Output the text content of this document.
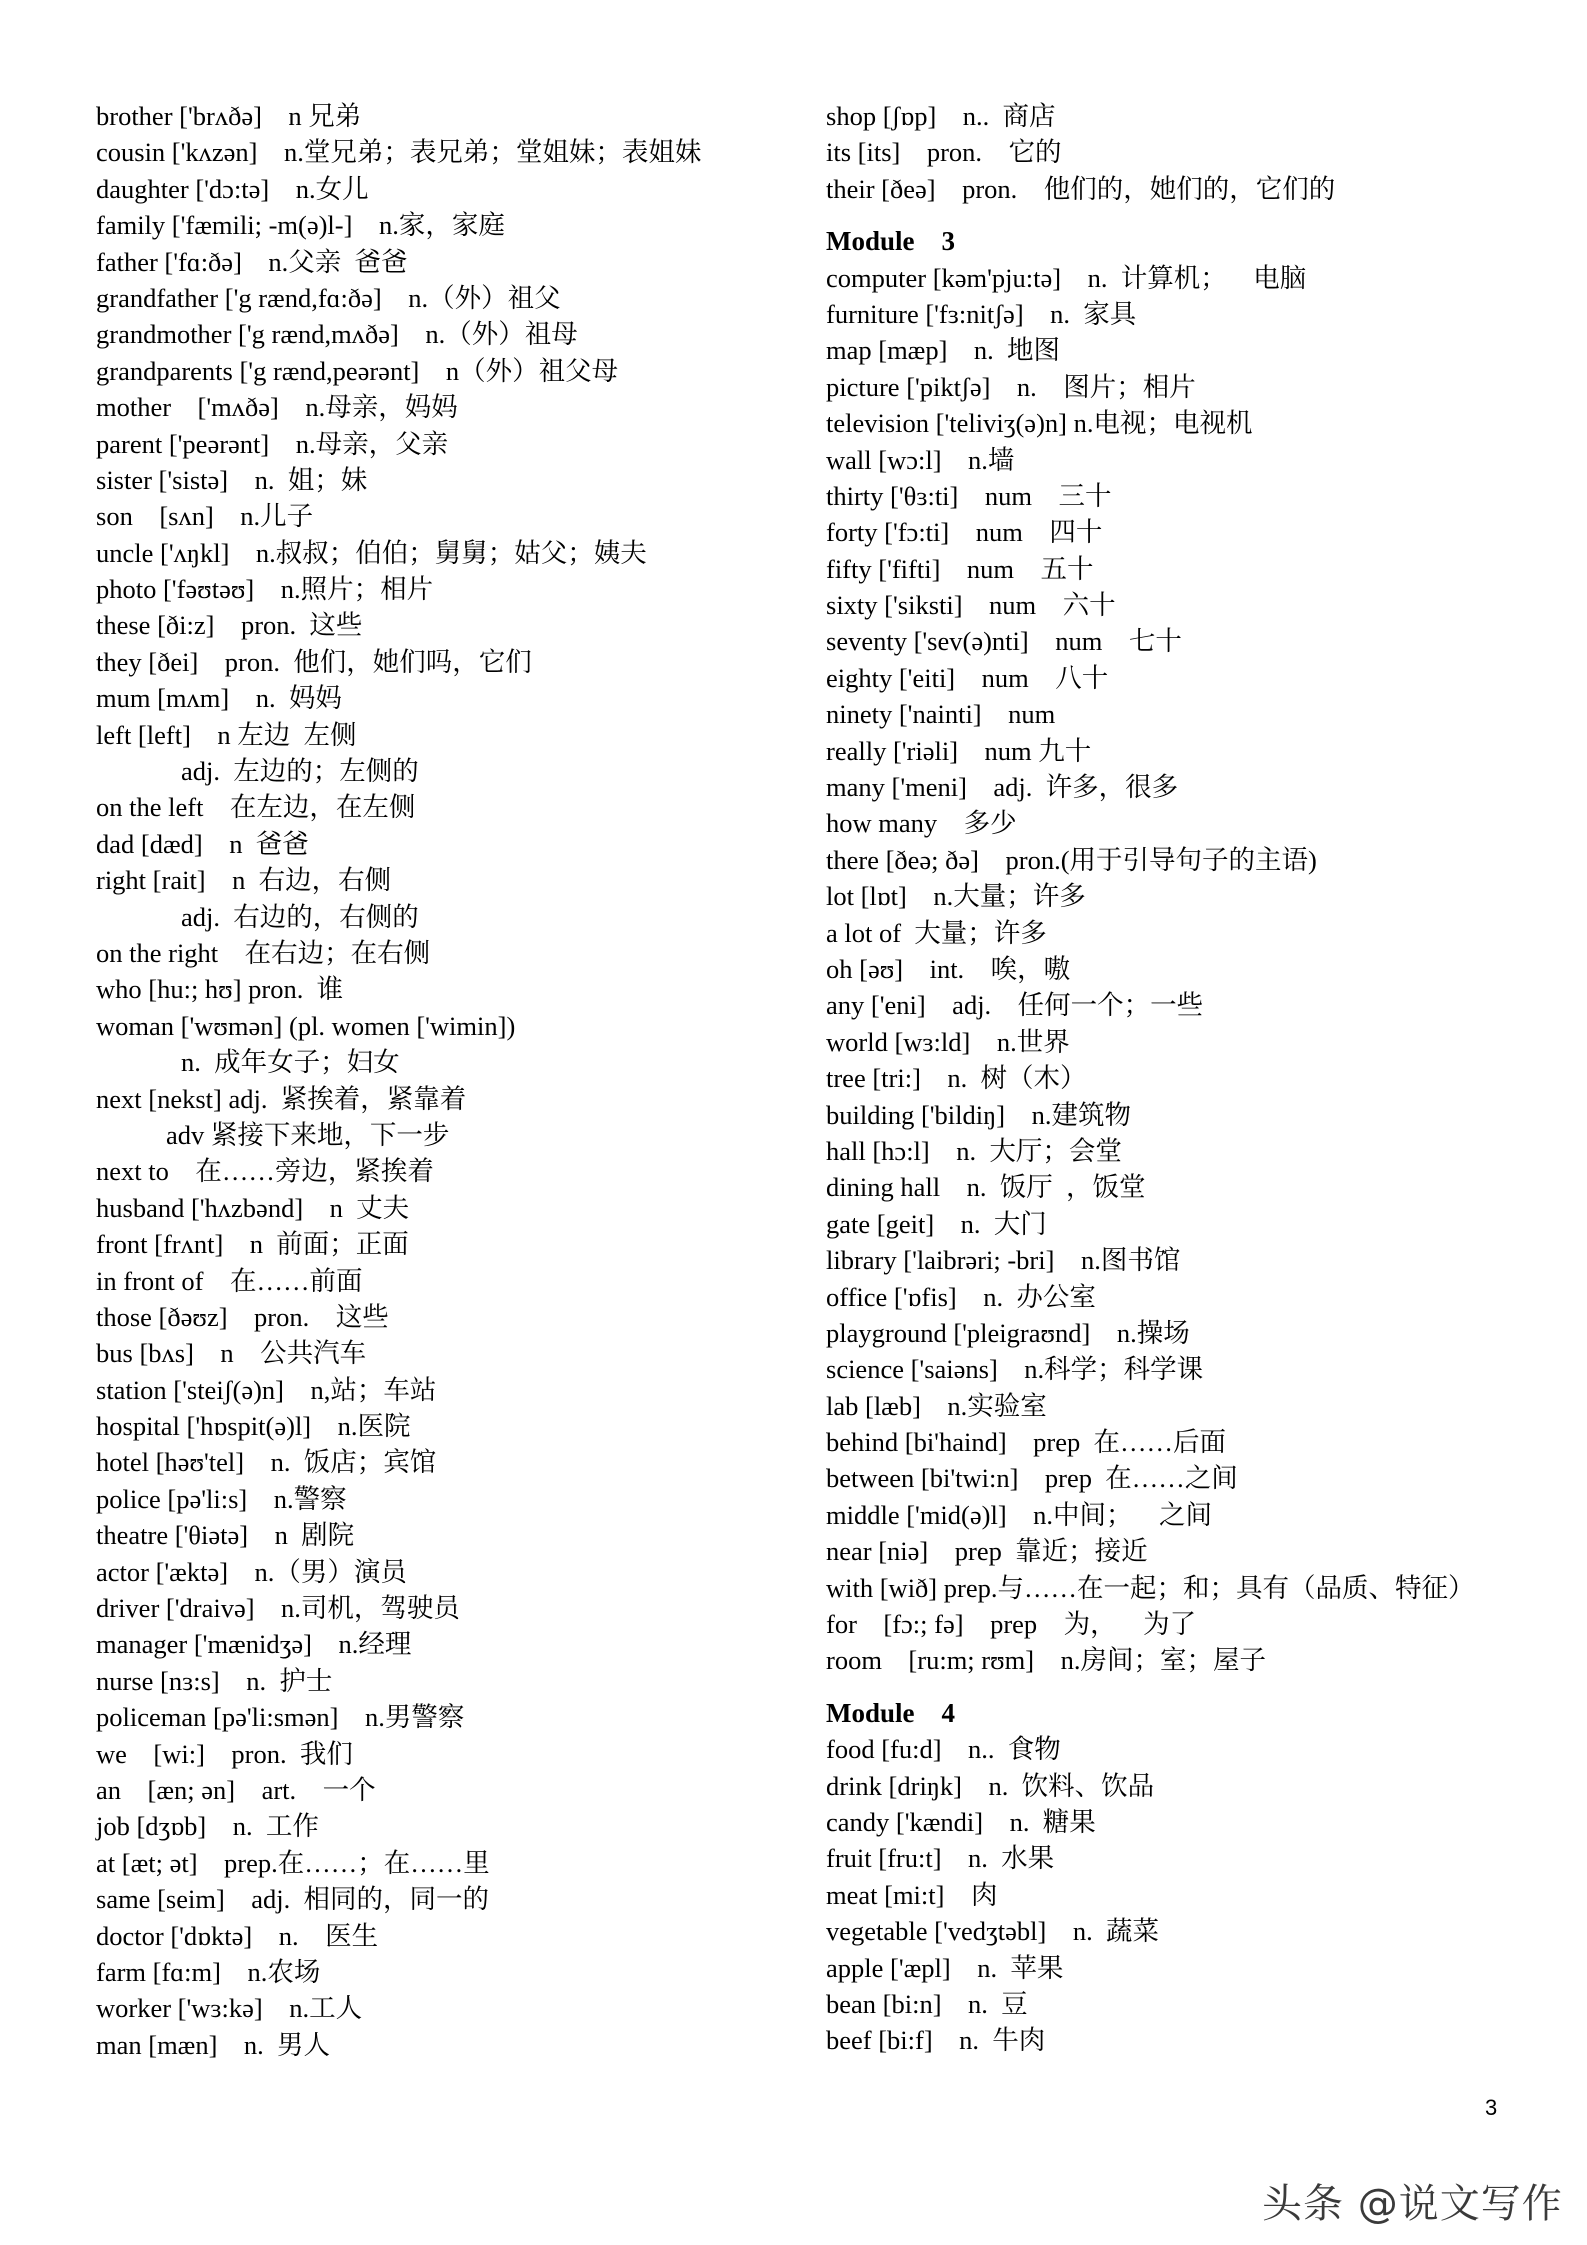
brother ['brʌðə]    n 兄弟
cousin ['kʌzən]    n.堂兄弟；表兄弟；堂姐妹；表姐妹
daughter ['dɔ:tə]    n.女儿
family ['fæmili; -m(ə)l-]    n.家，家庭
father ['fɑ:ðə]    n.父亲  爸爸
grandfather ['g rænd,fɑ:ðə]    n.（外）祖父
grandmother ['g rænd,mʌðə]    n.（外）祖母
grandparents ['g rænd,peərənt]    n（外）祖父母
mother    ['mʌðə]    n.母亲，妈妈
parent ['peərənt]    n.母亲，父亲
sister ['sistə]    n.  姐；妹
son    [sʌn]    n.儿子
uncle ['ʌŋkl]    n.叔叔；伯伯；舅舅；姑父；姨夫
photo ['fəʊtəʊ]    n.照片；相片
these [ði:z]    pron.  这些
they [ðei]    pron.  他们，她们吗，它们
mum [mʌm]    n.  妈妈
left [left]    n 左边  左侧
adj.  左边的；左侧的
on the left    在左边，在左侧
dad [dæd]    n  爸爸
right [rait]    n  右边，右侧
adj.  右边的，右侧的
on the right    在右边；在右侧
who [hu:; hʊ] pron.  谁
woman ['wʊmən] (pl. women ['wimin])
n.  成年女子；妇女
next [nekst] adj.  紧挨着，紧靠着
adv 紧接下来地，下一步
next to    在……旁边，紧挨着
husband ['hʌzbənd]    n  丈夫
front [frʌnt]    n  前面；正面
in front of    在……前面
those [ðəʊz]    pron.    这些
bus [bʌs]    n    公共汽车
station ['steiʃ(ə)n]    n,站；车站
hospital ['hɒspit(ə)l]    n.医院
hotel [həʊ'tel]    n.  饭店；宾馆
police [pə'li:s]    n.警察
theatre ['θiətə]    n  剧院
actor ['æktə]    n.（男）演员
driver ['draivə]    n.司机，驾驶员
manager ['mænidʒə]    n.经理
nurse [nɜ:s]    n.  护士
policeman [pə'li:smən]    n.男警察
we    [wi:]    pron.  我们
an    [æn; ən]    art.    一个
job [dʒɒb]    n.  工作
at [æt; ət]    prep.在……；在……里
same [seim]    adj.  相同的，同一的
doctor ['dɒktə]    n.    医生
farm [fɑ:m]    n.农场
worker ['wɜ:kə]    n.工人
man [mæn]    n.  男人
shop [ʃɒp]    n..  商店
its [its]    pron.    它的
their [ðeə]    pron.    他们的，她们的，它们的
Module    3
computer [kəm'pju:tə]    n.  计算机；    电脑
furniture ['fɜ:nitʃə]    n.  家具
map [mæp]    n.  地图
picture ['piktʃə]    n.    图片；相片
television ['teliviʒ(ə)n] n.电视；电视机
wall [wɔ:l]    n.墙
thirty ['θɜ:ti]    num    三十
forty ['fɔ:ti]    num    四十
fifty ['fifti]    num    五十
sixty ['siksti]    num    六十
seventy ['sev(ə)nti]    num    七十
eighty ['eiti]    num    八十
ninety ['nainti]    num
really ['riəli]    num 九十
many ['meni]    adj.  许多，很多
how many    多少
there [ðeə; ðə]    pron.(用于引导句子的主语)
lot [lɒt]    n.大量；许多
a lot of  大量；许多
oh [əʊ]    int.    唉，嗷
any ['eni]    adj.    任何一个；一些
world [wɜ:ld]    n.世界
tree [tri:]    n.  树（木）
building ['bildiŋ]    n.建筑物
hall [hɔ:l]    n.  大厅；会堂
dining hall    n.  饭厅  ，饭堂
gate [geit]    n.  大门
library ['laibrəri; -bri]    n.图书馆
office ['ɒfis]    n.  办公室
playground ['pleigraʊnd]    n.操场
science ['saiəns]    n.科学；科学课
lab [læb]    n.实验室
behind [bi'haind]    prep  在……后面
between [bi'twi:n]    prep  在……之间
middle ['mid(ə)l]    n.中间；    之间
near [niə]    prep  靠近；接近
with [wið] prep.与……在一起；和；具有（品质、特征）
for    [fɔ:; fə]    prep    为，    为了
room    [ru:m; rʊm]    n.房间；室；屋子
Module    4
food [fu:d]    n..  食物
drink [driŋk]    n.  饮料、饮品
candy ['kændi]    n.  糖果
fruit [fru:t]    n.  水果
meat [mi:t]    肉
vegetable ['vedʒtəbl]    n.  蔬菜
apple ['æpl]    n.  苹果
bean [bi:n]    n.  豆
beef [bi:f]    n.  牛肉
3
头条 @说文写作
